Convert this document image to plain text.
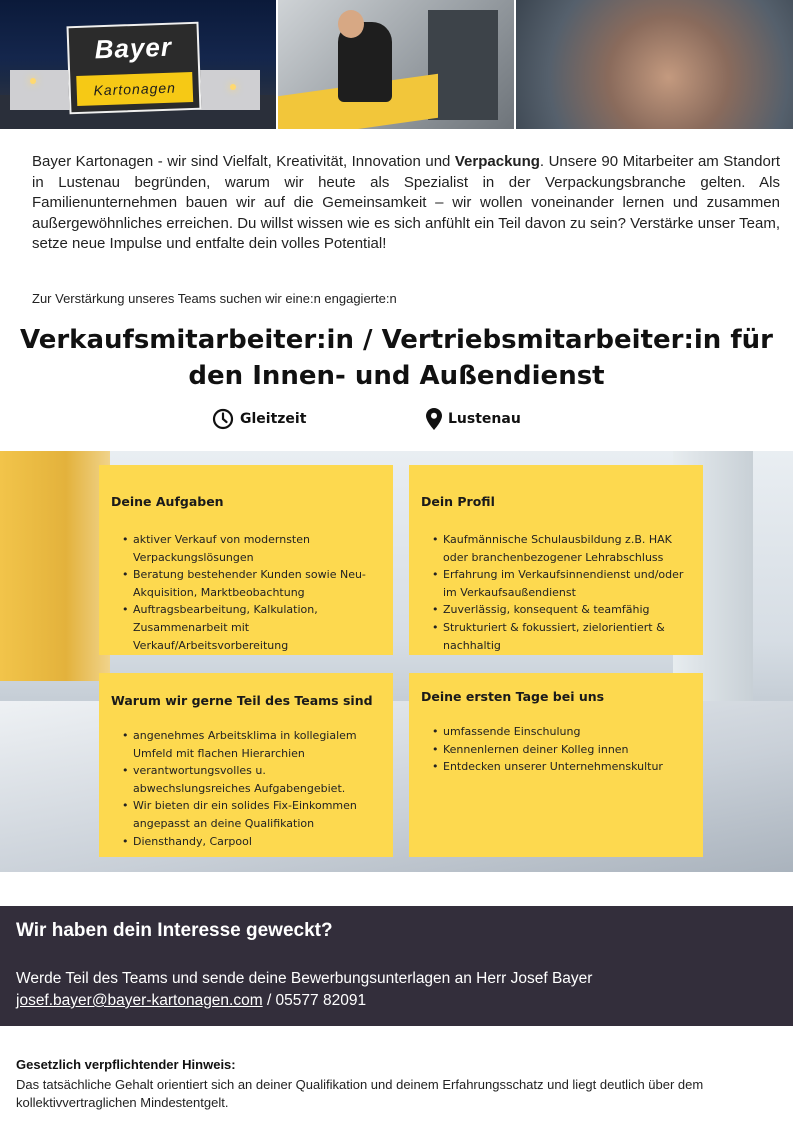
Bayer
Kartonagen
Bayer Kartonagen - wir sind Vielfalt, Kreativität, Innovation und Verpackung. Unsere 90 Mitarbeiter am Standort in Lustenau begründen, warum wir heute als Spezialist in der Verpackungsbranche gelten. Als Familienunternehmen bauen wir auf die Gemeinsamkeit – wir wollen voneinander lernen und zusammen außergewöhnliches erreichen. Du willst wissen wie es sich anfühlt ein Teil davon zu sein? Verstärke unser Team, setze neue Impulse und entfalte dein volles Potential!
Zur Verstärkung unseres Teams suchen wir eine:n engagierte:n
Verkaufsmitarbeiter:in / Vertriebsmitarbeiter:in für den Innen- und Außendienst
Gleitzeit	Lustenau
Deine Aufgaben
• aktiver Verkauf von modernsten Verpackungslösungen
• Beratung bestehender Kunden sowie Neu-Akquisition, Marktbeobachtung
• Auftragsbearbeitung, Kalkulation, Zusammenarbeit mit Verkauf/Arbeitsvorbereitung
Dein Profil
• Kaufmännische Schulausbildung z.B. HAK oder branchenbezogener Lehrabschluss
• Erfahrung im Verkaufsinnendienst und/oder im Verkaufsaußendienst
• Zuverlässig, konsequent & teamfähig
• Strukturiert & fokussiert, zielorientiert & nachhaltig
Warum wir gerne Teil des Teams sind
• angenehmes Arbeitsklima in kollegialem Umfeld mit flachen Hierarchien
• verantwortungsvolles u. abwechslungsreiches Aufgabengebiet.
• Wir bieten dir ein solides Fix-Einkommen angepasst an deine Qualifikation
• Diensthandy, Carpool
Deine ersten Tage bei uns
• umfassende Einschulung
• Kennenlernen deiner Kolleg innen
• Entdecken unserer Unternehmenskultur
Wir haben dein Interesse geweckt?
Werde Teil des Teams und sende deine Bewerbungsunterlagen an Herr Josef Bayer
josef.bayer@bayer-kartonagen.com / 05577 82091
Gesetzlich verpflichtender Hinweis:
Das tatsächliche Gehalt orientiert sich an deiner Qualifikation und deinem Erfahrungsschatz und liegt deutlich über dem kollektivvertraglichen Mindestentgelt.
